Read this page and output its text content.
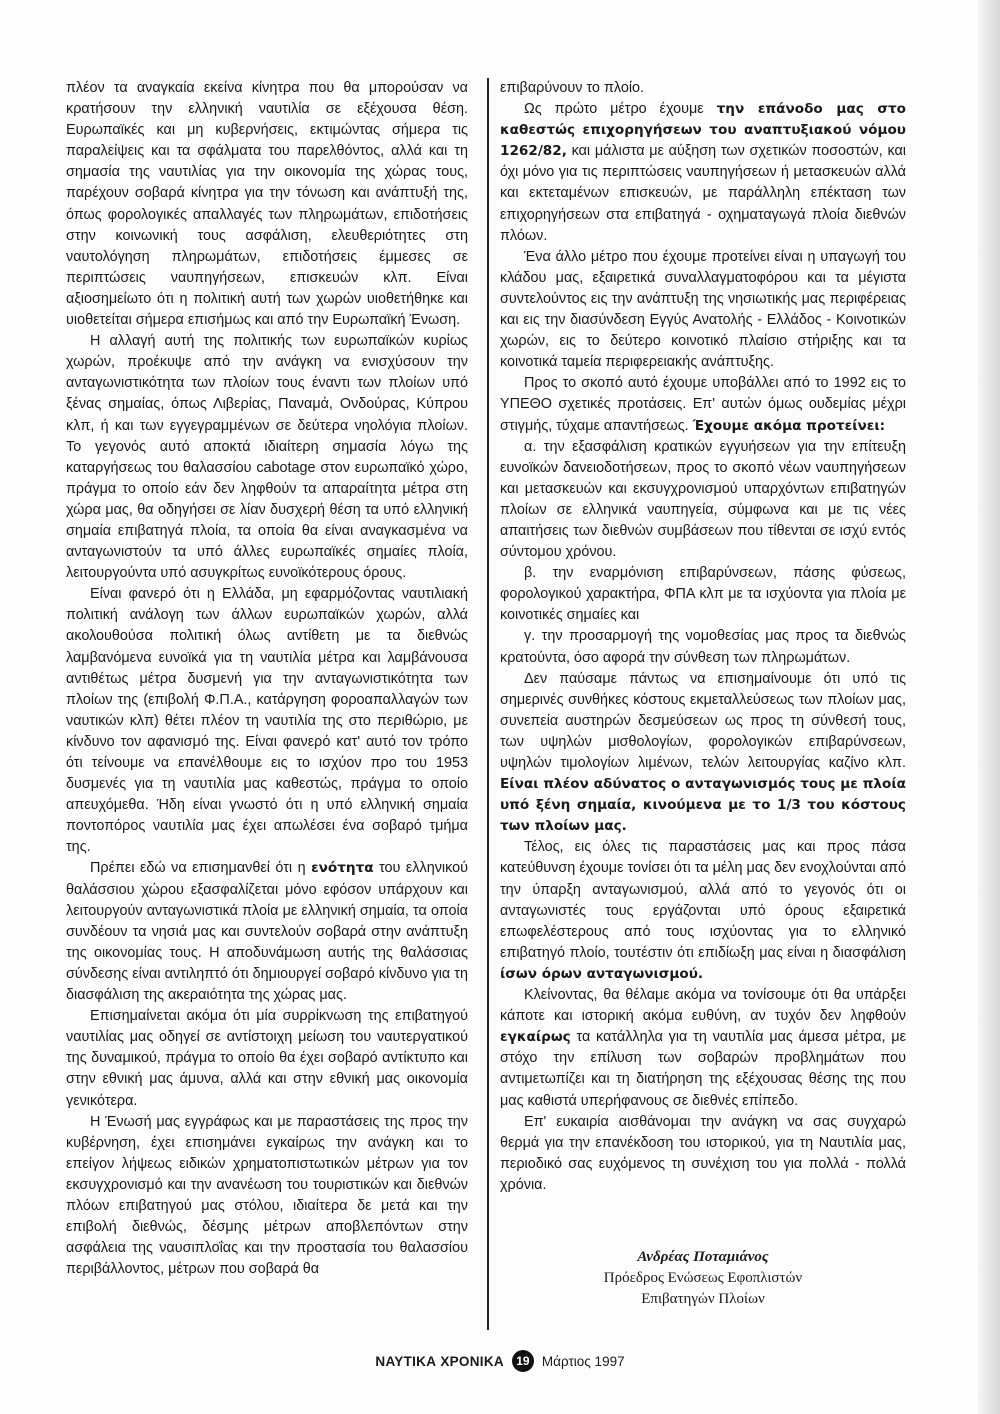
πλέον τα αναγκαία εκείνα κίνητρα που θα μπορούσαν να κρατήσουν την ελληνική ναυτιλία σε εξέχουσα θέση. Ευρωπαϊκές και μη κυβερνήσεις, εκτιμώντας σήμερα τις παραλείψεις και τα σφάλματα του παρελθόντος, αλλά και τη σημασία της ναυτιλίας για την οικονομία της χώρας τους, παρέχουν σοβαρά κίνητρα για την τόνωση και ανάπτυξή της, όπως φορολογικές απαλλαγές των πληρωμάτων, επιδοτήσεις στην κοινωνική τους ασφάλιση, ελευθεριότητες στη ναυτολόγηση πληρωμάτων, επιδοτήσεις έμμεσες σε περιπτώσεις ναυπηγήσεων, επισκευών κλπ. Είναι αξιοσημείωτο ότι η πολιτική αυτή των χωρών υιοθετήθηκε και υιοθετείται σήμερα επισήμως και από την Ευρωπαϊκή Ένωση.

Η αλλαγή αυτή της πολιτικής των ευρωπαϊκών κυρίως χωρών, προέκυψε από την ανάγκη να ενισχύσουν την ανταγωνιστικότητα των πλοίων τους έναντι των πλοίων υπό ξένας σημαίας, όπως Λιβερίας, Παναμά, Ονδούρας, Κύπρου κλπ, ή και των εγγεγραμμένων σε δεύτερα νηολόγια πλοίων. Το γεγονός αυτό αποκτά ιδιαίτερη σημασία λόγω της καταργήσεως του θαλασσίου cabotage στον ευρωπαϊκό χώρο, πράγμα το οποίο εάν δεν ληφθούν τα απαραίτητα μέτρα στη χώρα μας, θα οδηγήσει σε λίαν δυσχερή θέση τα υπό ελληνική σημαία επιβατηγά πλοία, τα οποία θα είναι αναγκασμένα να ανταγωνιστούν τα υπό άλλες ευρωπαϊκές σημαίες πλοία, λειτουργούντα υπό ασυγκρίτως ευνοϊκότερους όρους.

Είναι φανερό ότι η Ελλάδα, μη εφαρμόζοντας ναυτιλιακή πολιτική ανάλογη των άλλων ευρωπαϊκών χωρών, αλλά ακολουθούσα πολιτική όλως αντίθετη με τα διεθνώς λαμβανόμενα ευνοϊκά για τη ναυτιλία μέτρα και λαμβάνουσα αντιθέτως μέτρα δυσμενή για την ανταγωνιστικότητα των πλοίων της (επιβολή Φ.Π.Α., κατάργηση φοροαπαλλαγών των ναυτικών κλπ) θέτει πλέον τη ναυτιλία της στο περιθώριο, με κίνδυνο τον αφανισμό της. Είναι φανερό κατ' αυτό τον τρόπο ότι τείνουμε να επανέλθουμε εις το ισχύον προ του 1953 δυσμενές για τη ναυτιλία μας καθεστώς, πράγμα το οποίο απευχόμεθα. Ήδη είναι γνωστό ότι η υπό ελληνική σημαία ποντοπόρος ναυτιλία μας έχει απωλέσει ένα σοβαρό τμήμα της.

Πρέπει εδώ να επισημανθεί ότι η ενότητα του ελληνικού θαλάσσιου χώρου εξασφαλίζεται μόνο εφόσον υπάρχουν και λειτουργούν ανταγωνιστικά πλοία με ελληνική σημαία, τα οποία συνδέουν τα νησιά μας και συντελούν σοβαρά στην ανάπτυξη της οικονομίας τους. Η αποδυνάμωση αυτής της θαλάσσιας σύνδεσης είναι αντιληπτό ότι δημιουργεί σοβαρό κίνδυνο για τη διασφάλιση της ακεραιότητα της χώρας μας.

Επισημαίνεται ακόμα ότι μία συρρίκνωση της επιβατηγού ναυτιλίας μας οδηγεί σε αντίστοιχη μείωση του ναυτεργατικού της δυναμικού, πράγμα το οποίο θα έχει σοβαρό αντίκτυπο και στην εθνική μας άμυνα, αλλά και στην εθνική μας οικονομία γενικότερα.

Η Ένωσή μας εγγράφως και με παραστάσεις της προς την κυβέρνηση, έχει επισημάνει εγκαίρως την ανάγκη και το επείγον λήψεως ειδικών χρηματοπιστωτικών μέτρων για τον εκσυγχρονισμό και την ανανέωση του τουριστικών και διεθνών πλόων επιβατηγού μας στόλου, ιδιαίτερα δε μετά και την επιβολή διεθνώς, δέσμης μέτρων αποβλεπόντων στην ασφάλεια της ναυσιπλοΐας και την προστασία του θαλασσίου περιβάλλοντος, μέτρων που σοβαρά θα

επιβαρύνουν το πλοίο.

Ως πρώτο μέτρο έχουμε την επάνοδο μας στο καθεστώς επιχορηγήσεων του αναπτυξιακού νόμου 1262/82, και μάλιστα με αύξηση των σχετικών ποσοστών, και όχι μόνο για τις περιπτώσεις ναυπηγήσεων ή μετασκευών αλλά και εκτεταμένων επισκευών, με παράλληλη επέκταση των επιχορηγήσεων στα επιβατηγά - οχηματαγωγά πλοία διεθνών πλόων.

Ένα άλλο μέτρο που έχουμε προτείνει είναι η υπαγωγή του κλάδου μας, εξαιρετικά συναλλαγματοφόρου και τα μέγιστα συντελούντος εις την ανάπτυξη της νησιωτικής μας περιφέρειας και εις την διασύνδεση Εγγύς Ανατολής - Ελλάδος - Κοινοτικών χωρών, εις το δεύτερο κοινοτικό πλαίσιο στήριξης και τα κοινοτικά ταμεία περιφερειακής ανάπτυξης.

Προς το σκοπό αυτό έχουμε υποβάλλει από το 1992 εις το ΥΠΕΘΟ σχετικές προτάσεις. Επ' αυτών όμως ουδεμίας μέχρι στιγμής, τύχαμε απαντήσεως. Έχουμε ακόμα προτείνει:

α. την εξασφάλιση κρατικών εγγυήσεων για την επίτευξη ευνοϊκών δανειοδοτήσεων, προς το σκοπό νέων ναυπηγήσεων και μετασκευών και εκσυγχρονισμού υπαρχόντων επιβατηγών πλοίων σε ελληνικά ναυπηγεία, σύμφωνα και με τις νέες απαιτήσεις των διεθνών συμβάσεων που τίθενται σε ισχύ εντός σύντομου χρόνου.

β. την εναρμόνιση επιβαρύνσεων, πάσης φύσεως, φορολογικού χαρακτήρα, ΦΠΑ κλπ με τα ισχύοντα για πλοία με κοινοτικές σημαίες και

γ. την προσαρμογή της νομοθεσίας μας προς τα διεθνώς κρατούντα, όσο αφορά την σύνθεση των πληρωμάτων.

Δεν παύσαμε πάντως να επισημαίνουμε ότι υπό τις σημερινές συνθήκες κόστους εκμεταλλεύσεως των πλοίων μας, συνεπεία αυστηρών δεσμεύσεων ως προς τη σύνθεσή τους, των υψηλών μισθολογίων, φορολογικών επιβαρύνσεων, υψηλών τιμολογίων λιμένων, τελών λειτουργίας καζίνο κλπ. Είναι πλέον αδύνατος ο ανταγωνισμός τους με πλοία υπό ξένη σημαία, κινούμενα με το 1/3 του κόστους των πλοίων μας.

Τέλος, εις όλες τις παραστάσεις μας και προς πάσα κατεύθυνση έχουμε τονίσει ότι τα μέλη μας δεν ενοχλούνται από την ύπαρξη ανταγωνισμού, αλλά από το γεγονός ότι οι ανταγωνιστές τους εργάζονται υπό όρους εξαιρετικά επωφελέστερους από τους ισχύοντας για το ελληνικό επιβατηγό πλοίο, τουτέστιν ότι επιδίωξη μας είναι η διασφάλιση ίσων όρων ανταγωνισμού.

Κλείνοντας, θα θέλαμε ακόμα να τονίσουμε ότι θα υπάρξει κάποτε και ιστορική ακόμα ευθύνη, αν τυχόν δεν ληφθούν εγκαίρως τα κατάλληλα για τη ναυτιλία μας άμεσα μέτρα, με στόχο την επίλυση των σοβαρών προβλημάτων που αντιμετωπίζει και τη διατήρηση της εξέχουσας θέσης της που μας καθιστά υπερήφανους σε διεθνές επίπεδο.

Επ' ευκαιρία αισθάνομαι την ανάγκη να σας συγχαρώ θερμά για την επανέκδοση του ιστορικού, για τη Ναυτιλία μας, περιοδικό σας ευχόμενος τη συνέχιση του για πολλά - πολλά χρόνια.

Ανδρέας Ποταμιάνος
Πρόεδρος Ενώσεως Εφοπλιστών
Επιβατηγών Πλοίων
ΝΑΥΤΙΚΑ ΧΡΟΝΙΚΑ	19 Μάρτιος 1997
